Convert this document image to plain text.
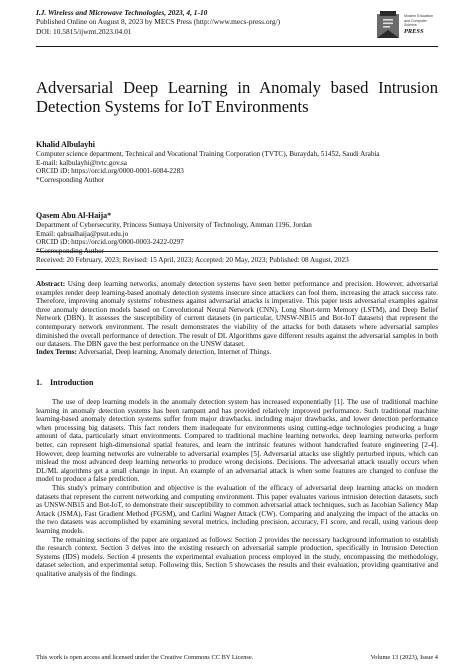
I.J. Wireless and Microwave Technologies, 2023, 4, 1-10
Published Online on August 8, 2023 by MECS Press (http://www.mecs-press.org/)
DOI: 10.5815/ijwmt.2023.04.01
Modern Education
and Computer Science
PRESS
Adversarial Deep Learning in Anomaly based Intrusion Detection Systems for IoT Environments
Khalid Albulayhi
Computer science department, Technical and Vocational Training Corporation (TVTC), Buraydah, 51452, Saudi Arabia
E-mail: kalbulayhi@tvtc.gov.sa
ORCID iD: https://orcid.org/0000-0001-6084-2283
*Corresponding Author
Qasem Abu Al-Haija*
Department of Cybersecurity, Princess Sumaya University of Technology, Amman 1196, Jordan
Email: qabualhaija@psut.edu.jo
ORCID iD: https://orcid.org/0000-0003-2422-0297
*Corresponding Author
Received: 20 February, 2023; Revised: 15 April, 2023; Accepted: 20 May, 2023; Published: 08 August, 2023

Abstract: Using deep learning networks, anomaly detection systems have seen better performance and precision. However, adversarial examples render deep learning-based anomaly detection systems insecure since attackers can fool them, increasing the attack success rate. Therefore, improving anomaly systems' robustness against adversarial attacks is imperative. This paper tests adversarial examples against three anomaly detection models based on Convolutional Neural Network (CNN), Long Short-term Memory (LSTM), and Deep Belief Network (DBN). It assesses the susceptibility of current datasets (in particular, UNSW-NB15 and Bot-IoT datasets) that represent the contemporary network environment. The result demonstrates the viability of the attacks for both datasets where adversarial samples diminished the overall performance of detection. The result of DL Algorithms gave different results against the adversarial samples in both our datasets. The DBN gave the best performance on the UNSW dataset.

Index Terms: Adversarial, Deep learning, Anomaly detection, Internet of Things.

1. Introduction

The use of deep learning models in the anomaly detection system has increased exponentially [1]. The use of traditional machine learning in anomaly detection systems has been rampant and has provided relatively improved performance. Such traditional machine learning-based anomaly detection systems suffer from major drawbacks, including major drawbacks, and lower detection performance when processing big datasets. This fact renders them inadequate for environments using cutting-edge technologies producing a huge amount of data, particularly smart environments. Compared to traditional machine learning networks, deep learning networks perform better, can represent high-dimensional spatial features, and learn the intrinsic features without handcrafted feature engineering [2-4]. However, deep learning networks are vulnerable to adversarial examples [5]. Adversarial attacks use slightly perturbed inputs, which can mislead the most advanced deep learning networks to produce wrong decisions. Decisions. The adversarial attack usually occurs when DL/ML algorithms get a small change in input. An example of an adversarial attack is when some features are changed to confuse the model to produce a false prediction.

This study's primary contribution and objective is the evaluation of the efficacy of adversarial deep learning attacks on modern datasets that represent the current networking and computing environment. This paper evaluates various intrusion detection datasets, such as UNSW-NB15 and Bot-IoT, to demonstrate their susceptibility to common adversarial attack techniques, such as Jacobian Saliency Map Attack (JSMA), Fast Gradient Method (FGSM), and Carlini Wagner Attack (CW). Comparing and analyzing the impact of the attacks on the two datasets was accomplished by examining several metrics, including precision, accuracy, F1 score, and recall, using various deep learning models.

The remaining sections of the paper are organized as follows: Section 2 provides the necessary background information to establish the research context. Section 3 delves into the existing research on adversarial sample production, specifically in Intrusion Detection Systems (IDS) models. Section 4 presents the experimental evaluation process employed in the study, encompassing the methodology, dataset selection, and experimental setup. Following this, Section 5 showcases the results and their evaluation, providing quantitative and qualitative analysis of the findings.

This work is open access and licensed under the Creative Commons CC BY License.	Volume 13 (2023), Issue 4
